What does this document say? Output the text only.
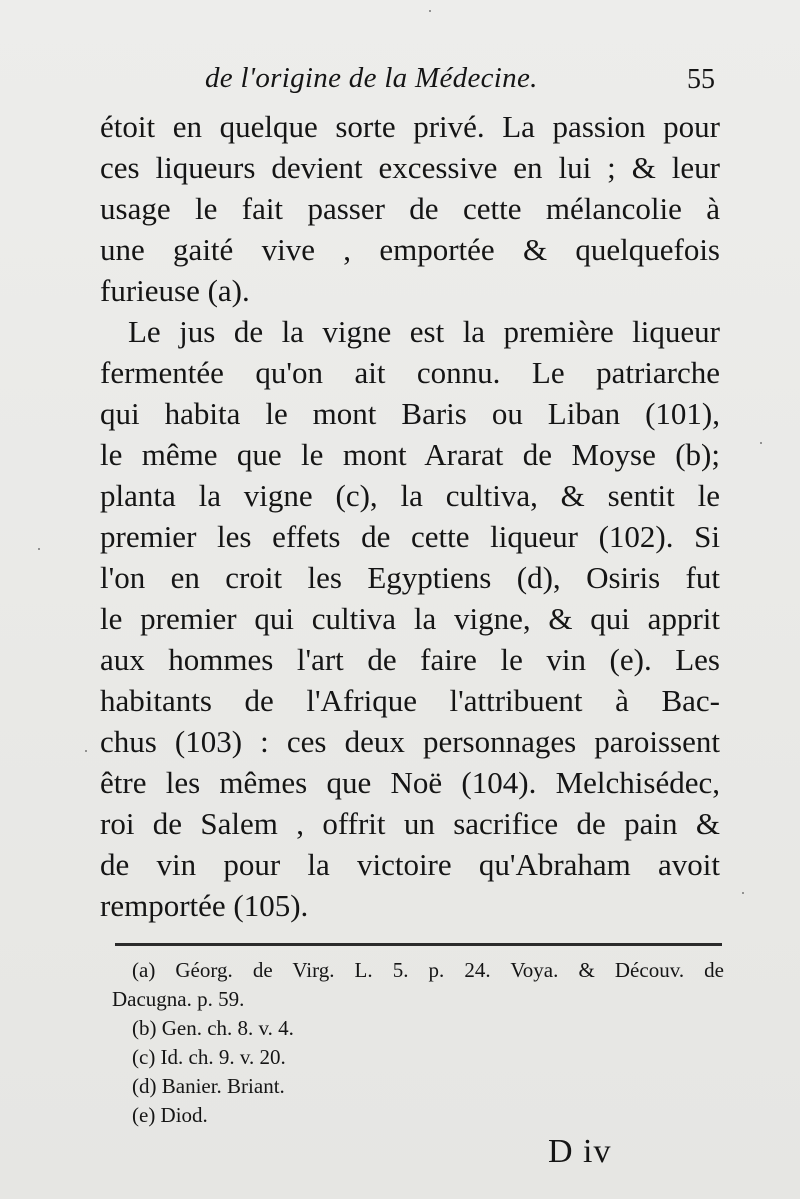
de l'origine de la Médecine.	55
étoit en quelque sorte privé. La passion pour
ces liqueurs devient excessive en lui ; & leur
usage le fait passer de cette mélancolie à
une gaité vive , emportée & quelquefois
furieuse (a).
Le jus de la vigne est la première liqueur
fermentée qu'on ait connu. Le patriarche
qui habita le mont Baris ou Liban (101),
le même que le mont Ararat de Moyse (b);
planta la vigne (c), la cultiva, & sentit le
premier les effets de cette liqueur (102). Si
l'on en croit les Egyptiens (d), Osiris fut
le premier qui cultiva la vigne, & qui apprit
aux hommes l'art de faire le vin (e). Les
habitants de l'Afrique l'attribuent à Bac-
chus (103) : ces deux personnages paroissent
être les mêmes que Noë (104). Melchisédec,
roi de Salem , offrit un sacrifice de pain &
de vin pour la victoire qu'Abraham avoit
remportée (105).
(a) Géorg. de Virg. L. 5. p. 24. Voya. & Découv. de
Dacugna. p. 59.
(b) Gen. ch. 8. v. 4.
(c) Id. ch. 9. v. 20.
(d) Banier. Briant.
(e) Diod.
D iv
